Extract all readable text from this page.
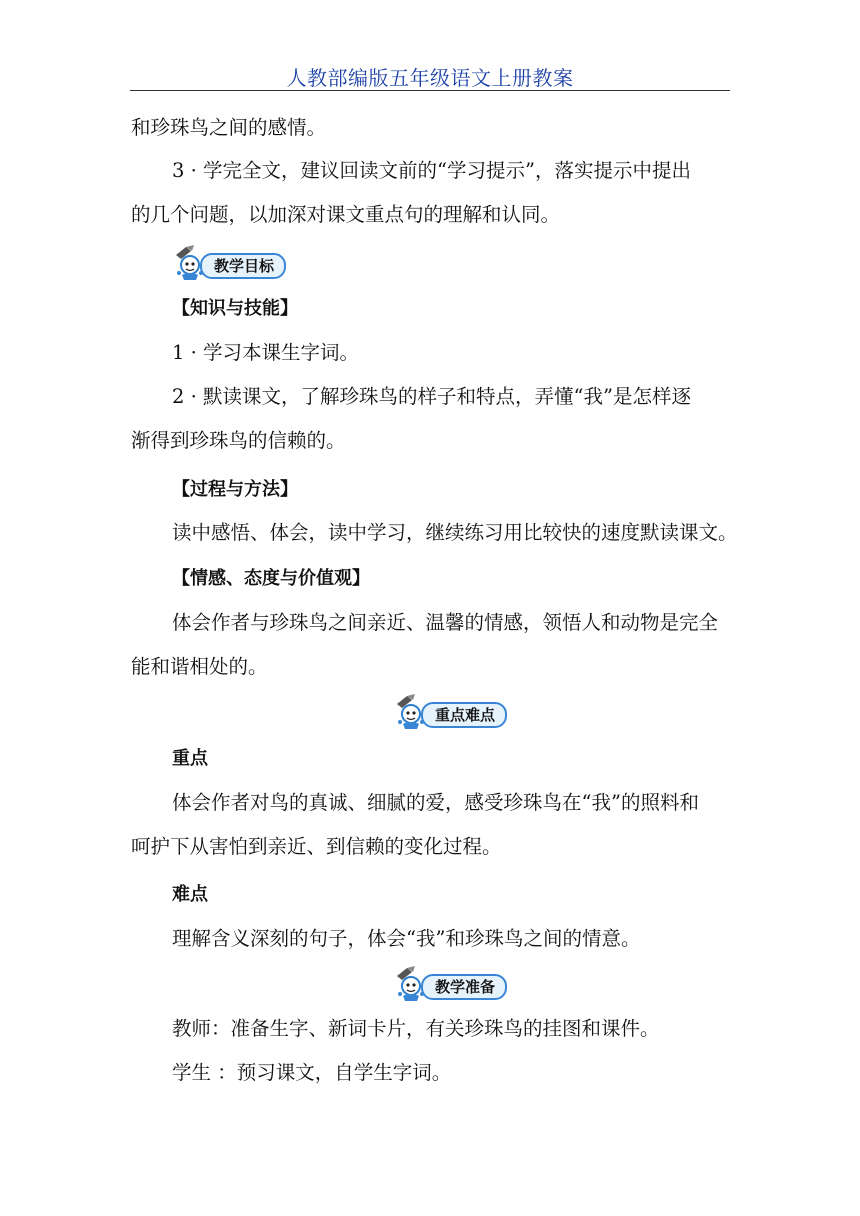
人教部编版五年级语文上册教案
和珍珠鸟之间的感情。
3 · 学完全文，建议回读文前的“学习提示”，落实提示中提出
的几个问题，以加深对课文重点句的理解和认同。
教学目标
【知识与技能】
1 · 学习本课生字词。
2 · 默读课文，了解珍珠鸟的样子和特点，弄懂“我”是怎样逐
渐得到珍珠鸟的信赖的。
【过程与方法】
读中感悟、体会，读中学习，继续练习用比较快的速度默读课文。
【情感、态度与价值观】
体会作者与珍珠鸟之间亲近、温馨的情感，领悟人和动物是完全
能和谐相处的。
重点难点
重点
体会作者对鸟的真诚、细腻的爱，感受珍珠鸟在“我”的照料和
呵护下从害怕到亲近、到信赖的变化过程。
难点
理解含义深刻的句子，体会“我”和珍珠鸟之间的情意。
教学准备
教师：准备生字、新词卡片，有关珍珠鸟的挂图和课件。
学生 ：预习课文，自学生字词。
